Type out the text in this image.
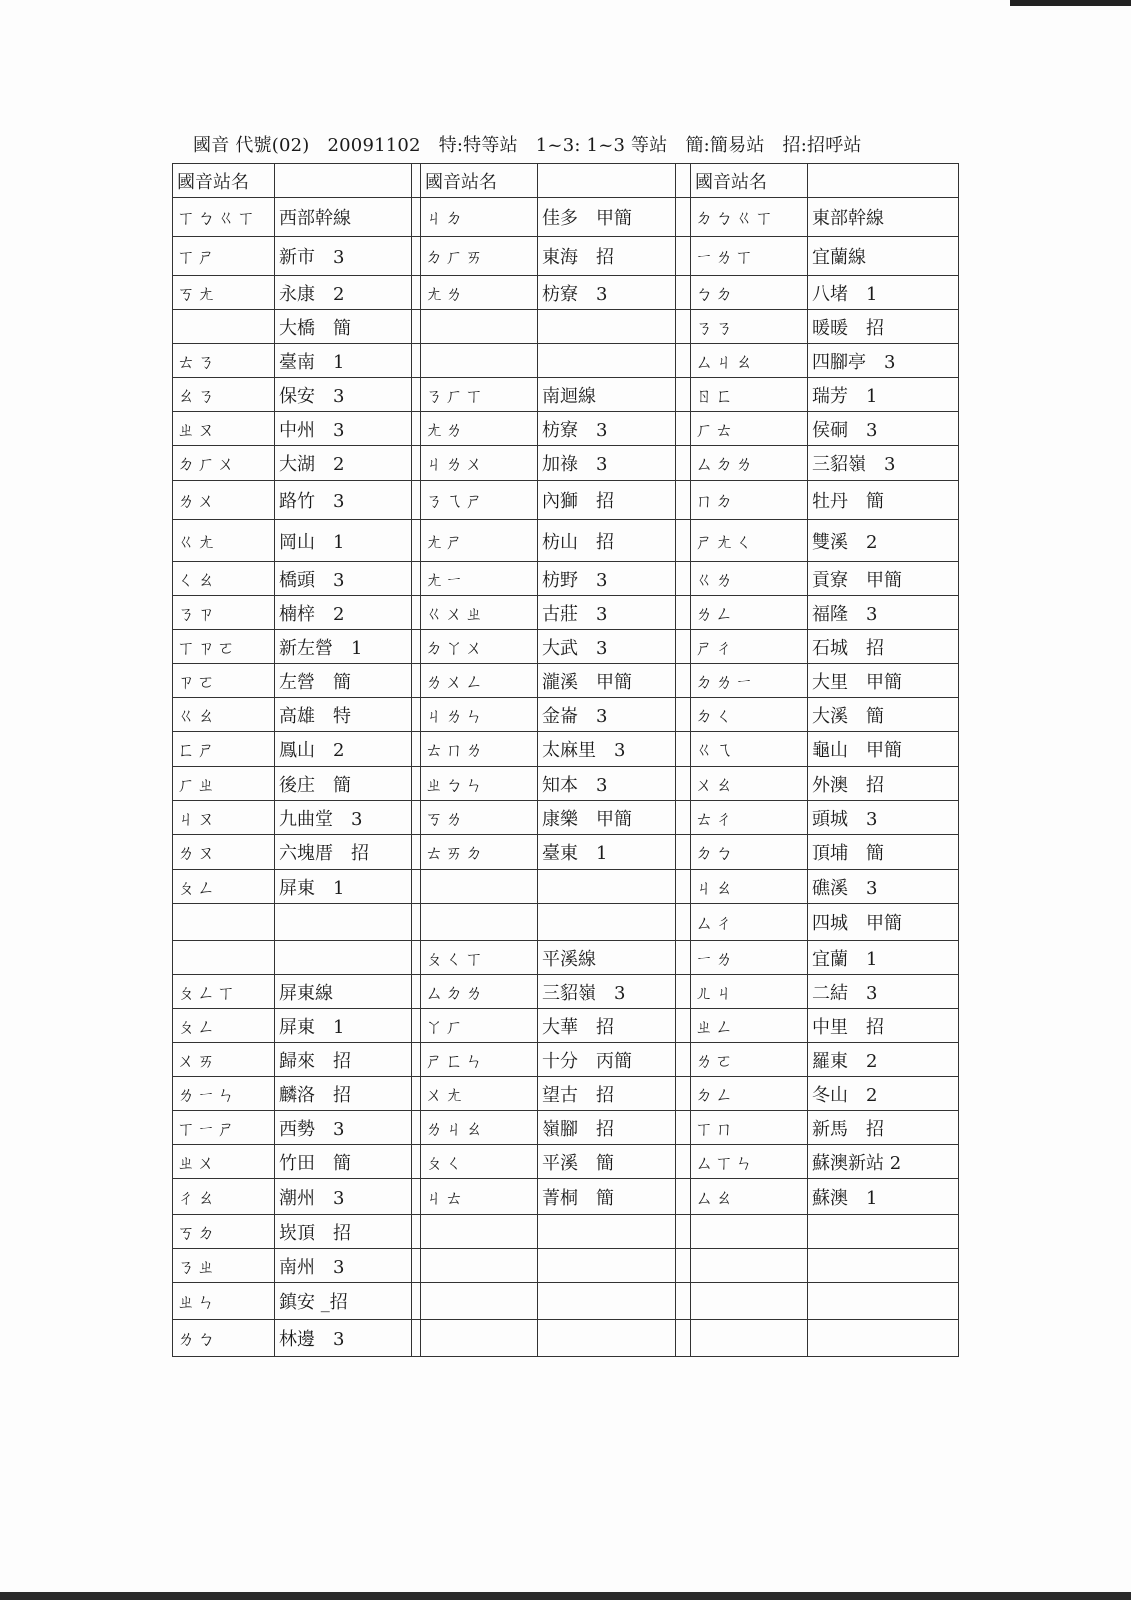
國音 代號(02) 20091102 特:特等站 1~3: 1~3 等站 簡:簡易站 招:招呼站
國音站名			國音站名			國音站名	
ㄒㄅㄍㄒ	西部幹線		ㄐㄉ	佳多　甲簡		ㄉㄅㄍㄒ	東部幹線
ㄒㄕ	新市　3		ㄉㄏㄞ	東海　招		ㄧㄌㄒ	宜蘭線
ㄎㄤ	永康　2		ㄤㄌ	枋寮　3		ㄅㄉ	八堵　1
	大橋　簡					ㄋㄋ	暖暖　招
ㄊㄋ	臺南　1					ㄙㄐㄠ	四腳亭　3
ㄠㄋ	保安　3		ㄋㄏㄒ	南迴線		ㄖㄈ	瑞芳　1
ㄓㄡ	中州　3		ㄤㄌ	枋寮　3		ㄏㄊ	侯硐　3
ㄉㄏㄨ	大湖　2		ㄐㄌㄨ	加祿　3		ㄙㄉㄌ	三貂嶺　3
ㄌㄨ	路竹　3		ㄋㄟㄕ	內獅　招		ㄇㄉ	牡丹　簡
ㄍㄤ	岡山　1		ㄤㄕ	枋山　招		ㄕㄤㄑ	雙溪　2
ㄑㄠ	橋頭　3		ㄤㄧ	枋野　3		ㄍㄌ	貢寮　甲簡
ㄋㄗ	楠梓　2		ㄍㄨㄓ	古莊　3		ㄌㄥ	福隆　3
ㄒㄗㄛ	新左營　1		ㄉㄚㄨ	大武　3		ㄕㄔ	石城　招
ㄗㄛ	左營　簡		ㄌㄨㄥ	瀧溪　甲簡		ㄉㄌㄧ	大里　甲簡
ㄍㄠ	高雄　特		ㄐㄌㄣ	金崙　3		ㄉㄑ	大溪　簡
ㄈㄕ	鳳山　2		ㄊㄇㄌ	太麻里　3		ㄍㄟ	龜山　甲簡
ㄏㄓ	後庄　簡		ㄓㄅㄣ	知本　3		ㄨㄠ	外澳　招
ㄐㄡ	九曲堂　3		ㄎㄌ	康樂　甲簡		ㄊㄔ	頭城　3
ㄌㄡ	六塊厝　招		ㄊㄞㄉ	臺東　1		ㄉㄅ	頂埔　簡
ㄆㄥ	屏東　1					ㄐㄠ	礁溪　3
						ㄙㄔ	四城　甲簡
			ㄆㄑㄒ	平溪線		ㄧㄌ	宜蘭　1
ㄆㄥㄒ	屏東線		ㄙㄉㄌ	三貂嶺　3		ㄦㄐ	二結　3
ㄆㄥ	屏東　1		ㄚㄏ	大華　招		ㄓㄥ	中里　招
ㄨㄞ	歸來　招		ㄕㄈㄣ	十分　丙簡		ㄌㄛ	羅東　2
ㄌㄧㄣ	麟洛　招		ㄨㄤ	望古　招		ㄉㄥ	冬山　2
ㄒㄧㄕ	西勢　3		ㄌㄐㄠ	嶺腳　招		ㄒㄇ	新馬　招
ㄓㄨ	竹田　簡		ㄆㄑ	平溪　簡		ㄙㄒㄣ	蘇澳新站 2
ㄔㄠ	潮州　3		ㄐㄊ	菁桐　簡		ㄙㄠ	蘇澳　1
ㄎㄉ	崁頂　招						
ㄋㄓ	南州　3						
ㄓㄣ	鎮安 _招						
ㄌㄅ	林邊　3						
